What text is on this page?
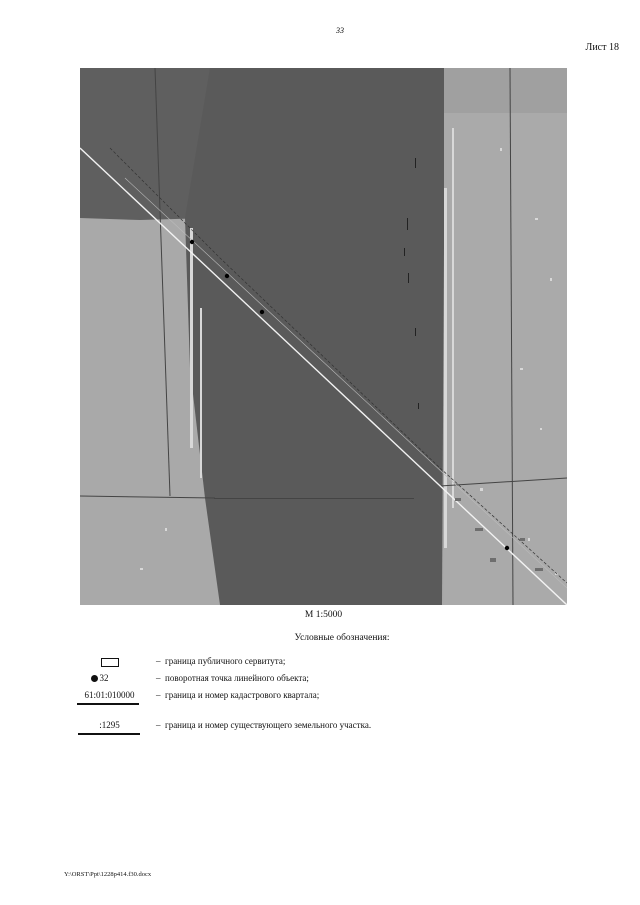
33
Лист 18
М 1:5000
Условные обозначения:
– граница публичного сервитута;
32	– поворотная точка линейного объекта;
61:01:010000	– граница и номер кадастрового квартала;
:1295	– граница и номер существующего земельного участка.
Y:\ORST\Ppt\1228p414.f30.docx
